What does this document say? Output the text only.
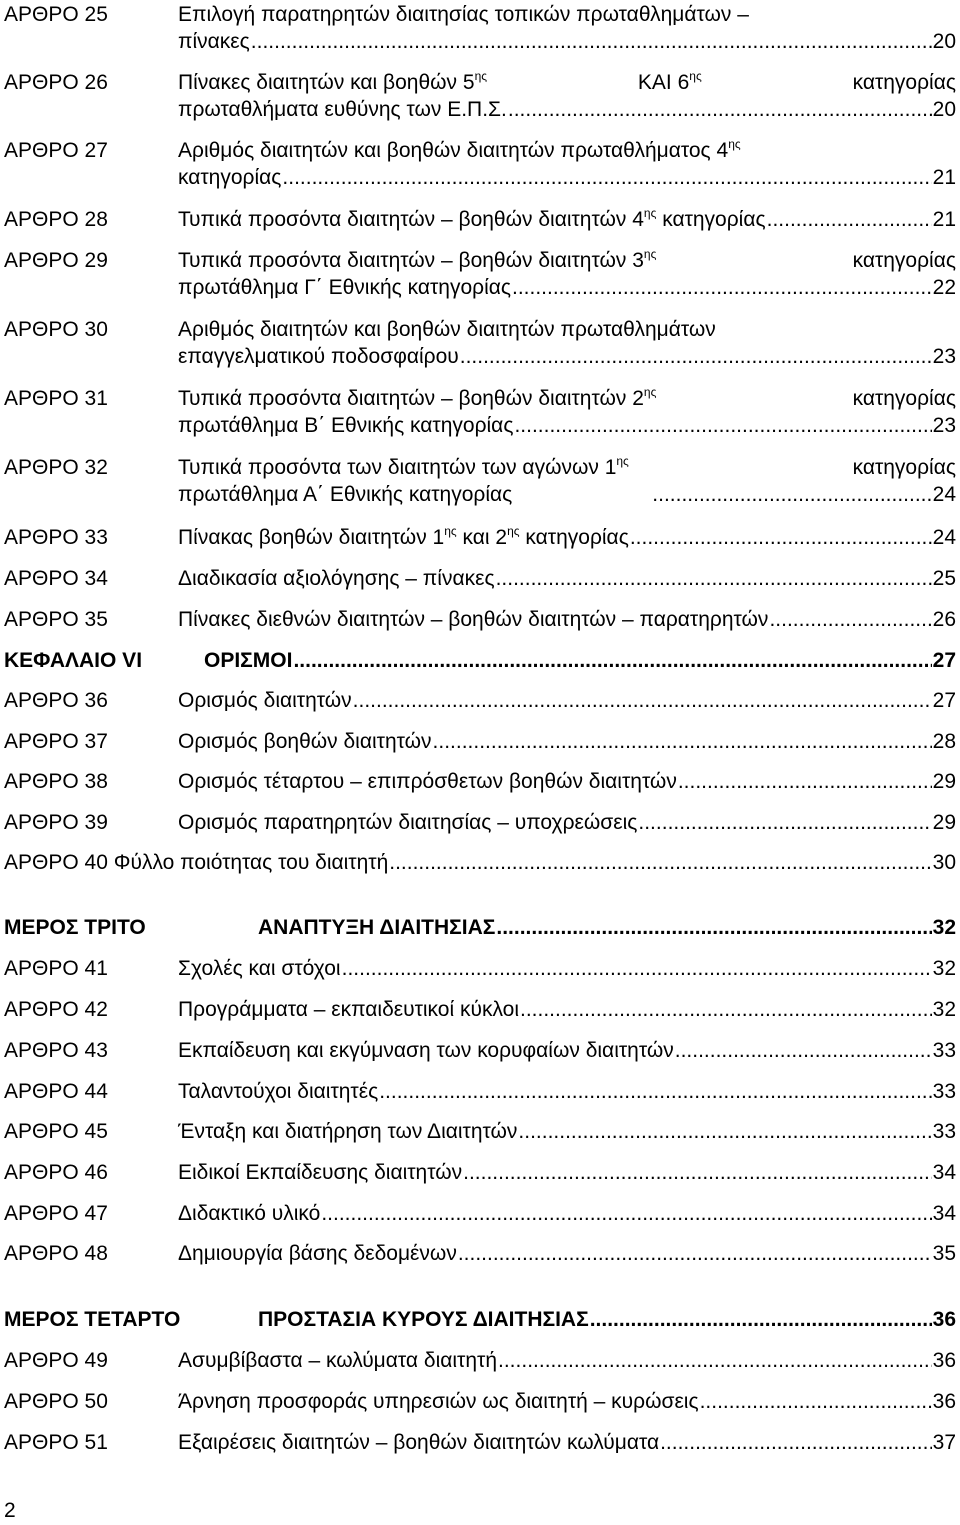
ΑΡΘΡΟ 25	Επιλογή παρατηρητών διαιτησίας τοπικών πρωταθλημάτων –
πίνακες .....	20
ΑΡΘΡΟ 26	Πίνακες διαιτητών και βοηθών $5^{\eta\varsigma}$	ΚΑΙ $6^{\eta\varsigma}$	κατηγορίας
πρωταθλήματα ευθύνης των Ε.Π.Σ. .....	20
ΑΡΘΡΟ 27	Αριθμός διαιτητών και βοηθών διαιτητών πρωταθλήματος $4^{\eta\varsigma}$
κατηγορίας .....	21
ΑΡΘΡΟ 28	Τυπικά προσόντα διαιτητών – βοηθών διαιτητών $4^{\eta\varsigma}$ κατηγορίας .....	21
ΑΡΘΡΟ 29	Τυπικά προσόντα διαιτητών – βοηθών διαιτητών $3^{\eta\varsigma}$	κατηγορίας
πρωτάθλημα Γ΄ Εθνικής κατηγορίας .....	22
ΑΡΘΡΟ 30	Αριθμός διαιτητών και βοηθών διαιτητών πρωταθλημάτων
επαγγελματικού ποδοσφαίρου .....	23
ΑΡΘΡΟ 31	Τυπικά προσόντα διαιτητών – βοηθών διαιτητών $2^{\eta\varsigma}$	κατηγορίας
πρωτάθλημα Β΄ Εθνικής κατηγορίας .....	23
ΑΡΘΡΟ 32	Τυπικά προσόντα των διαιτητών των αγώνων $1^{\eta\varsigma}$	κατηγορίας
πρωτάθλημα Α΄ Εθνικής κατηγορίας .....	24
ΑΡΘΡΟ 33	Πίνακας βοηθών διαιτητών $1^{\eta\varsigma}$ και $2^{\eta\varsigma}$ κατηγορίας .....	24
ΑΡΘΡΟ 34	Διαδικασία αξιολόγησης – πίνακες .....	25
ΑΡΘΡΟ 35	Πίνακες διεθνών διαιτητών – βοηθών διαιτητών – παρατηρητών .....	26
ΚΕΦΑΛΑΙΟ VI	ΟΡΙΣΜΟΙ .....	27
ΑΡΘΡΟ 36	Ορισμός διαιτητών .....	27
ΑΡΘΡΟ 37	Ορισμός βοηθών διαιτητών .....	28
ΑΡΘΡΟ 38	Ορισμός τέταρτου – επιπρόσθετων βοηθών διαιτητών .....	29
ΑΡΘΡΟ 39	Ορισμός παρατηρητών διαιτησίας – υποχρεώσεις .....	29
ΑΡΘΡΟ 40 Φύλλο ποιότητας του διαιτητή .....	30
ΜΕΡΟΣ ΤΡΙΤΟ	ΑΝΑΠΤΥΞΗ ΔΙΑΙΤΗΣΙΑΣ .....	32
ΑΡΘΡΟ 41	Σχολές και στόχοι .....	32
ΑΡΘΡΟ 42	Προγράμματα – εκπαιδευτικοί κύκλοι .....	32
ΑΡΘΡΟ 43	Εκπαίδευση και εκγύμναση των κορυφαίων διαιτητών .....	33
ΑΡΘΡΟ 44	Ταλαντούχοι διαιτητές .....	33
ΑΡΘΡΟ 45	Ένταξη και διατήρηση των Διαιτητών .....	33
ΑΡΘΡΟ 46	Ειδικοί Εκπαίδευσης διαιτητών .....	34
ΑΡΘΡΟ 47	Διδακτικό υλικό .....	34
ΑΡΘΡΟ 48	Δημιουργία βάσης δεδομένων .....	35
ΜΕΡΟΣ ΤΕΤΑΡΤΟ	ΠΡΟΣΤΑΣΙΑ ΚΥΡΟΥΣ ΔΙΑΙΤΗΣΙΑΣ .....	36
ΑΡΘΡΟ 49	Ασυμβίβαστα – κωλύματα διαιτητή .....	36
ΑΡΘΡΟ 50	Άρνηση προσφοράς υπηρεσιών ως διαιτητή – κυρώσεις .....	36
ΑΡΘΡΟ 51	Εξαιρέσεις διαιτητών – βοηθών διαιτητών κωλύματα .....	37
2
